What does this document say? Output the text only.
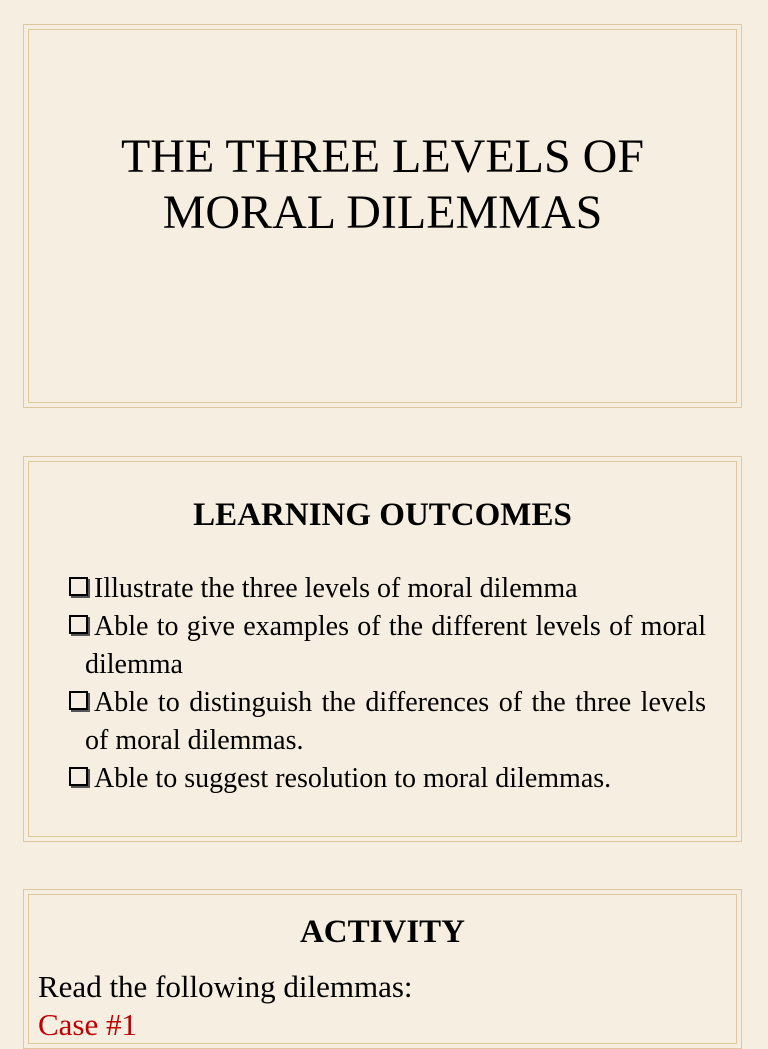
THE THREE LEVELS OF
MORAL DILEMMAS
LEARNING OUTCOMES
Illustrate the three levels of moral dilemma
Able to give examples of the different levels of moral dilemma
Able to distinguish the differences of the three levels of moral dilemmas.
Able to suggest resolution to moral dilemmas.
ACTIVITY

Read the following dilemmas:

Case #1
